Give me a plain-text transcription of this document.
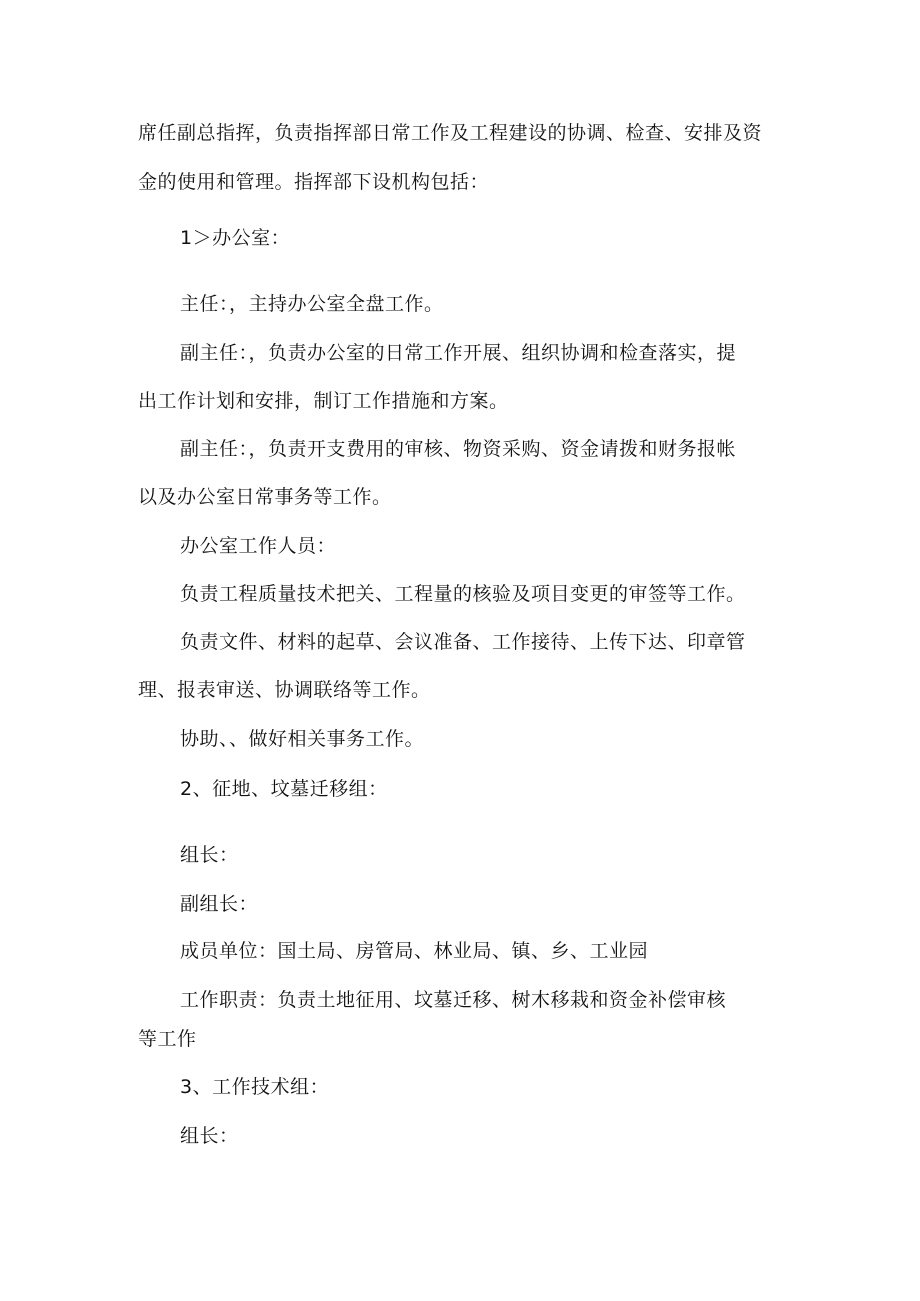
席任副总指挥，负责指挥部日常工作及工程建设的协调、检查、安排及资
金的使用和管理。指挥部下设机构包括：
1＞办公室：
主任：，主持办公室全盘工作。
副主任：，负责办公室的日常工作开展、组织协调和检查落实，提
出工作计划和安排，制订工作措施和方案。
副主任：，负责开支费用的审核、物资采购、资金请拨和财务报帐
以及办公室日常事务等工作。
办公室工作人员：
负责工程质量技术把关、工程量的核验及项目变更的审签等工作。
负责文件、材料的起草、会议准备、工作接待、上传下达、印章管
理、报表审送、协调联络等工作。
协助、、做好相关事务工作。
2、征地、坟墓迁移组：
组长：
副组长：
成员单位：国土局、房管局、林业局、镇、乡、工业园
工作职责：负责土地征用、坟墓迁移、树木移栽和资金补偿审核
等工作
3、工作技术组：
组长：
